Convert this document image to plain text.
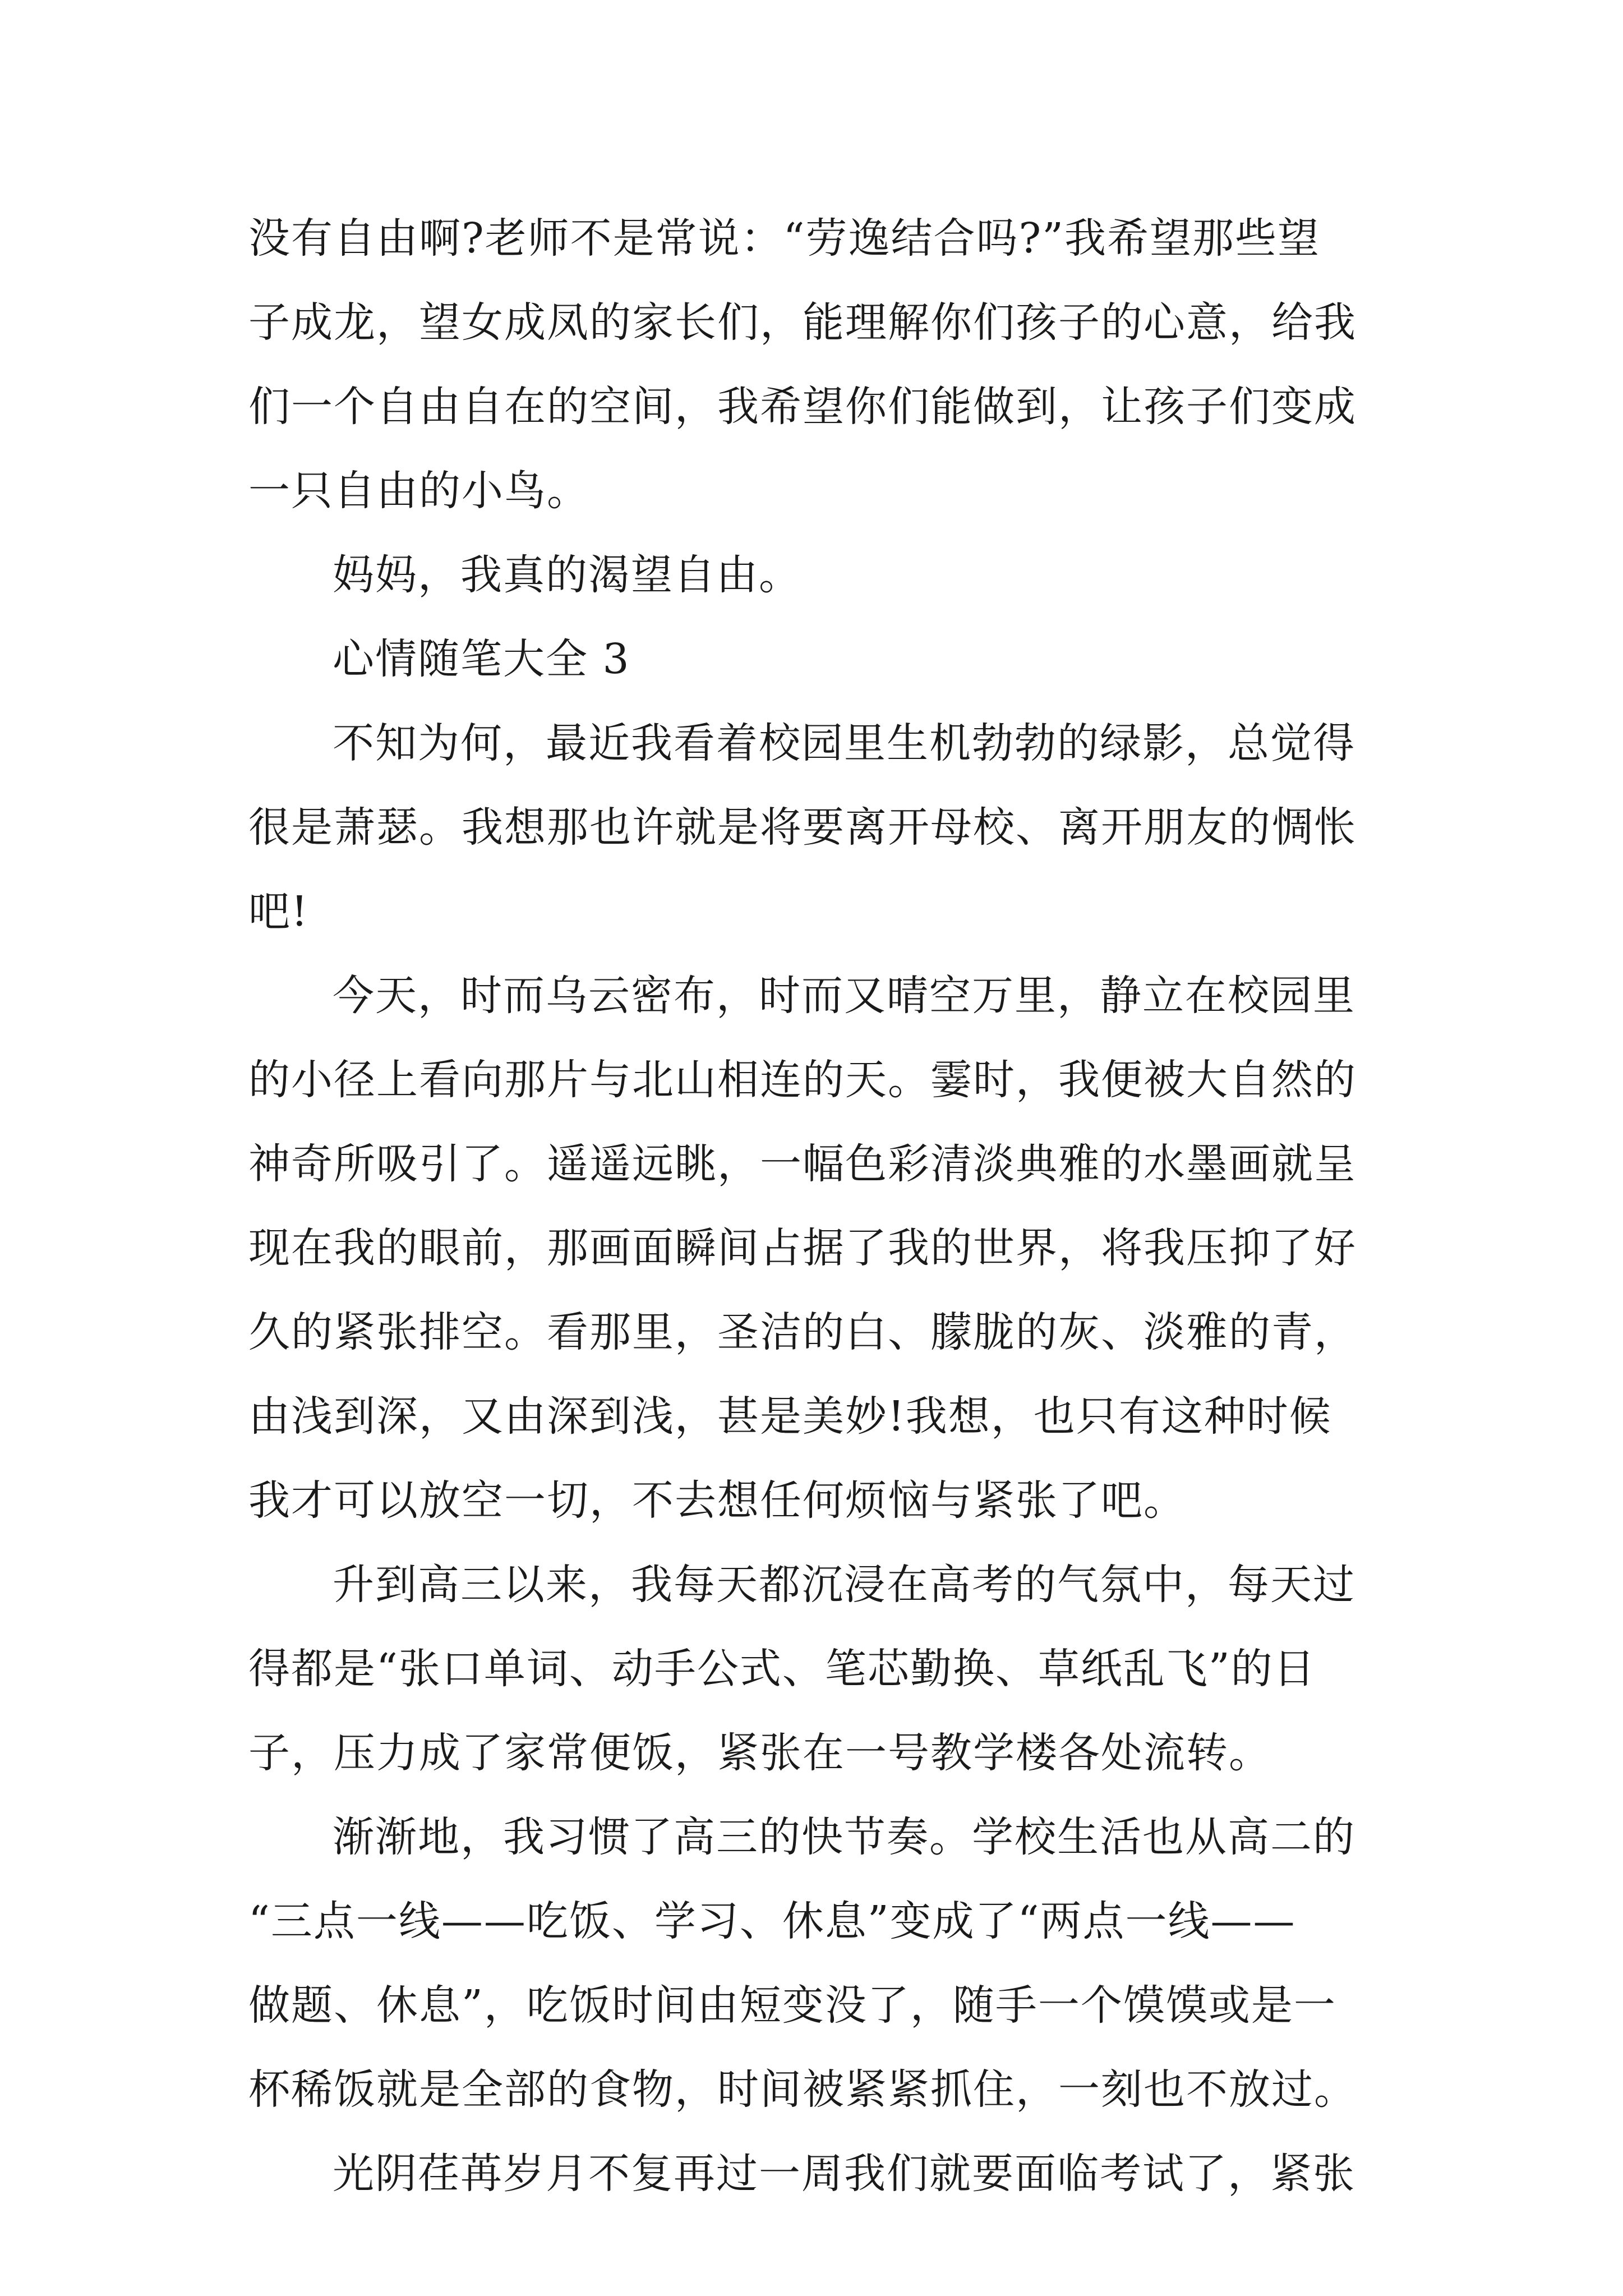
没有自由啊?老师不是常说：“劳逸结合吗?”我希望那些望
子成龙，望女成凤的家长们，能理解你们孩子的心意，给我
们一个自由自在的空间，我希望你们能做到，让孩子们变成
一只自由的小鸟。
妈妈，我真的渴望自由。
心情随笔大全 3
不知为何，最近我看着校园里生机勃勃的绿影，总觉得
很是萧瑟。我想那也许就是将要离开母校、离开朋友的惆怅
吧!
今天，时而乌云密布，时而又晴空万里，静立在校园里
的小径上看向那片与北山相连的天。霎时，我便被大自然的
神奇所吸引了。遥遥远眺，一幅色彩清淡典雅的水墨画就呈
现在我的眼前，那画面瞬间占据了我的世界，将我压抑了好
久的紧张排空。看那里，圣洁的白、朦胧的灰、淡雅的青，
由浅到深，又由深到浅，甚是美妙!我想，也只有这种时候
我才可以放空一切，不去想任何烦恼与紧张了吧。
升到高三以来，我每天都沉浸在高考的气氛中，每天过
得都是“张口单词、动手公式、笔芯勤换、草纸乱飞”的日
子，压力成了家常便饭，紧张在一号教学楼各处流转。
渐渐地，我习惯了高三的快节奏。学校生活也从高二的
“三点一线——吃饭、学习、休息”变成了“两点一线——
做题、休息”，吃饭时间由短变没了，随手一个馍馍或是一
杯稀饭就是全部的食物，时间被紧紧抓住，一刻也不放过。
光阴荏苒岁月不复再过一周我们就要面临考试了，紧张
